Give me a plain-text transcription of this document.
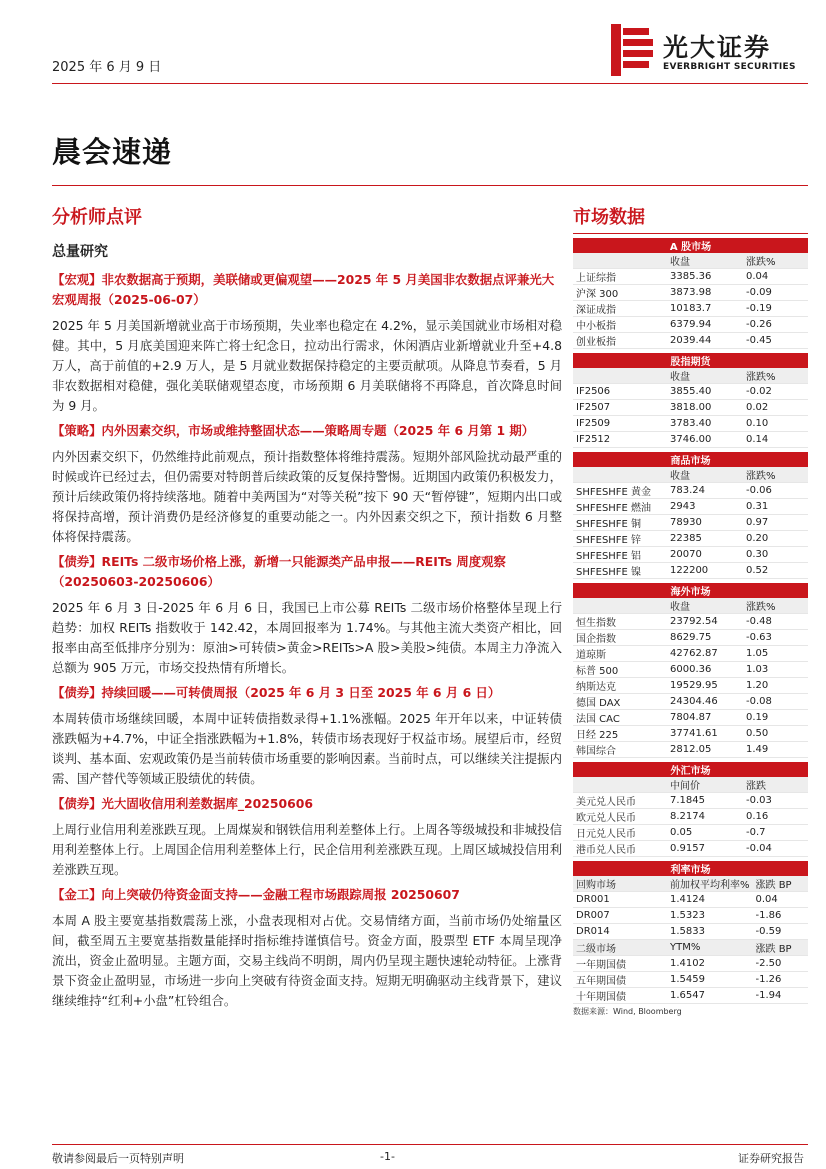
2025 年 6 月 9 日
光大证券
EVERBRIGHT SECURITIES
晨会速递
分析师点评
总量研究
【宏观】非农数据高于预期，美联储或更偏观望——2025 年 5 月美国非农数据点评兼光大宏观周报（2025-06-07）
2025 年 5 月美国新增就业高于市场预期，失业率也稳定在 4.2%，显示美国就业市场相对稳健。其中，5 月底美国迎来阵亡将士纪念日，拉动出行需求，休闲酒店业新增就业升至+4.8 万人，高于前值的+2.9 万人，是 5 月就业数据保持稳定的主要贡献项。从降息节奏看，5 月非农数据相对稳健，强化美联储观望态度，市场预期 6 月美联储将不再降息，首次降息时间为 9 月。
【策略】内外因素交织，市场或维持整固状态——策略周专题（2025 年 6 月第 1 期）
内外因素交织下，仍然维持此前观点，预计指数整体将维持震荡。短期外部风险扰动最严重的时候或许已经过去，但仍需要对特朗普后续政策的反复保持警惕。近期国内政策仍积极发力，预计后续政策仍将持续落地。随着中美两国为“对等关税”按下 90 天“暂停键”，短期内出口或将保持高增，预计消费仍是经济修复的重要动能之一。内外因素交织之下，预计指数 6 月整体将保持震荡。
【债券】REITs 二级市场价格上涨，新增一只能源类产品申报——REITs 周度观察（20250603-20250606）
2025 年 6 月 3 日-2025 年 6 月 6 日，我国已上市公募 REITs 二级市场价格整体呈现上行趋势：加权 REITs 指数收于 142.42，本周回报率为 1.74%。与其他主流大类资产相比，回报率由高至低排序分别为：原油>可转债>黄金>REITs>A 股>美股>纯债。本周主力净流入总额为 905 万元，市场交投热情有所增长。
【债券】持续回暖——可转债周报（2025 年 6 月 3 日至 2025 年 6 月 6 日）
本周转债市场继续回暖，本周中证转债指数录得+1.1%涨幅。2025 年开年以来，中证转债涨跌幅为+4.7%，中证全指涨跌幅为+1.8%，转债市场表现好于权益市场。展望后市，经贸谈判、基本面、宏观政策仍是当前转债市场重要的影响因素。当前时点，可以继续关注提振内需、国产替代等领域正股绩优的转债。
【债券】光大固收信用利差数据库_20250606
上周行业信用利差涨跌互现。上周煤炭和钢铁信用利差整体上行。上周各等级城投和非城投信用利差整体上行。上周国企信用利差整体上行，民企信用利差涨跌互现。上周区域城投信用利差涨跌互现。
【金工】向上突破仍待资金面支持——金融工程市场跟踪周报 20250607
本周 A 股主要宽基指数震荡上涨，小盘表现相对占优。交易情绪方面，当前市场仍处缩量区间，截至周五主要宽基指数量能择时指标维持谨慎信号。资金方面，股票型 ETF 本周呈现净流出，资金止盈明显。主题方面，交易主线尚不明朗，周内仍呈现主题快速轮动特征。上涨背景下资金止盈明显，市场进一步向上突破有待资金面支持。短期无明确驱动主线背景下，建议继续维持“红利+小盘”杠铃组合。
市场数据
A 股市场		
	收盘	涨跌%
上证综指	3385.36	0.04
沪深 300	3873.98	-0.09
深证成指	10183.7	-0.19
中小板指	6379.94	-0.26
创业板指	2039.44	-0.45
股指期货		
	收盘	涨跌%
IF2506	3855.40	-0.02
IF2507	3818.00	0.02
IF2509	3783.40	0.10
IF2512	3746.00	0.14
商品市场		
	收盘	涨跌%
SHFESHFE 黄金	783.24	-0.06
SHFESHFE 燃油	2943	0.31
SHFESHFE 铜	78930	0.97
SHFESHFE 锌	22385	0.20
SHFESHFE 铝	20070	0.30
SHFESHFE 镍	122200	0.52
海外市场		
	收盘	涨跌%
恒生指数	23792.54	-0.48
国企指数	8629.75	-0.63
道琼斯	42762.87	1.05
标普 500	6000.36	1.03
纳斯达克	19529.95	1.20
德国 DAX	24304.46	-0.08
法国 CAC	7804.87	0.19
日经 225	37741.61	0.50
韩国综合	2812.05	1.49
外汇市场		
	中间价	涨跌
美元兑人民币	7.1845	-0.03
欧元兑人民币	8.2174	0.16
日元兑人民币	0.05	-0.7
港币兑人民币	0.9157	-0.04
利率市场		
回购市场	前加权平均利率%	涨跌 BP
DR001	1.4124	0.04
DR007	1.5323	-1.86
DR014	1.5833	-0.59
二级市场	YTM%	涨跌 BP
一年期国债	1.4102	-2.50
五年期国债	1.5459	-1.26
十年期国债	1.6547	-1.94
数据来源：Wind, Bloomberg
敬请参阅最后一页特别声明	-1-	证券研究报告
